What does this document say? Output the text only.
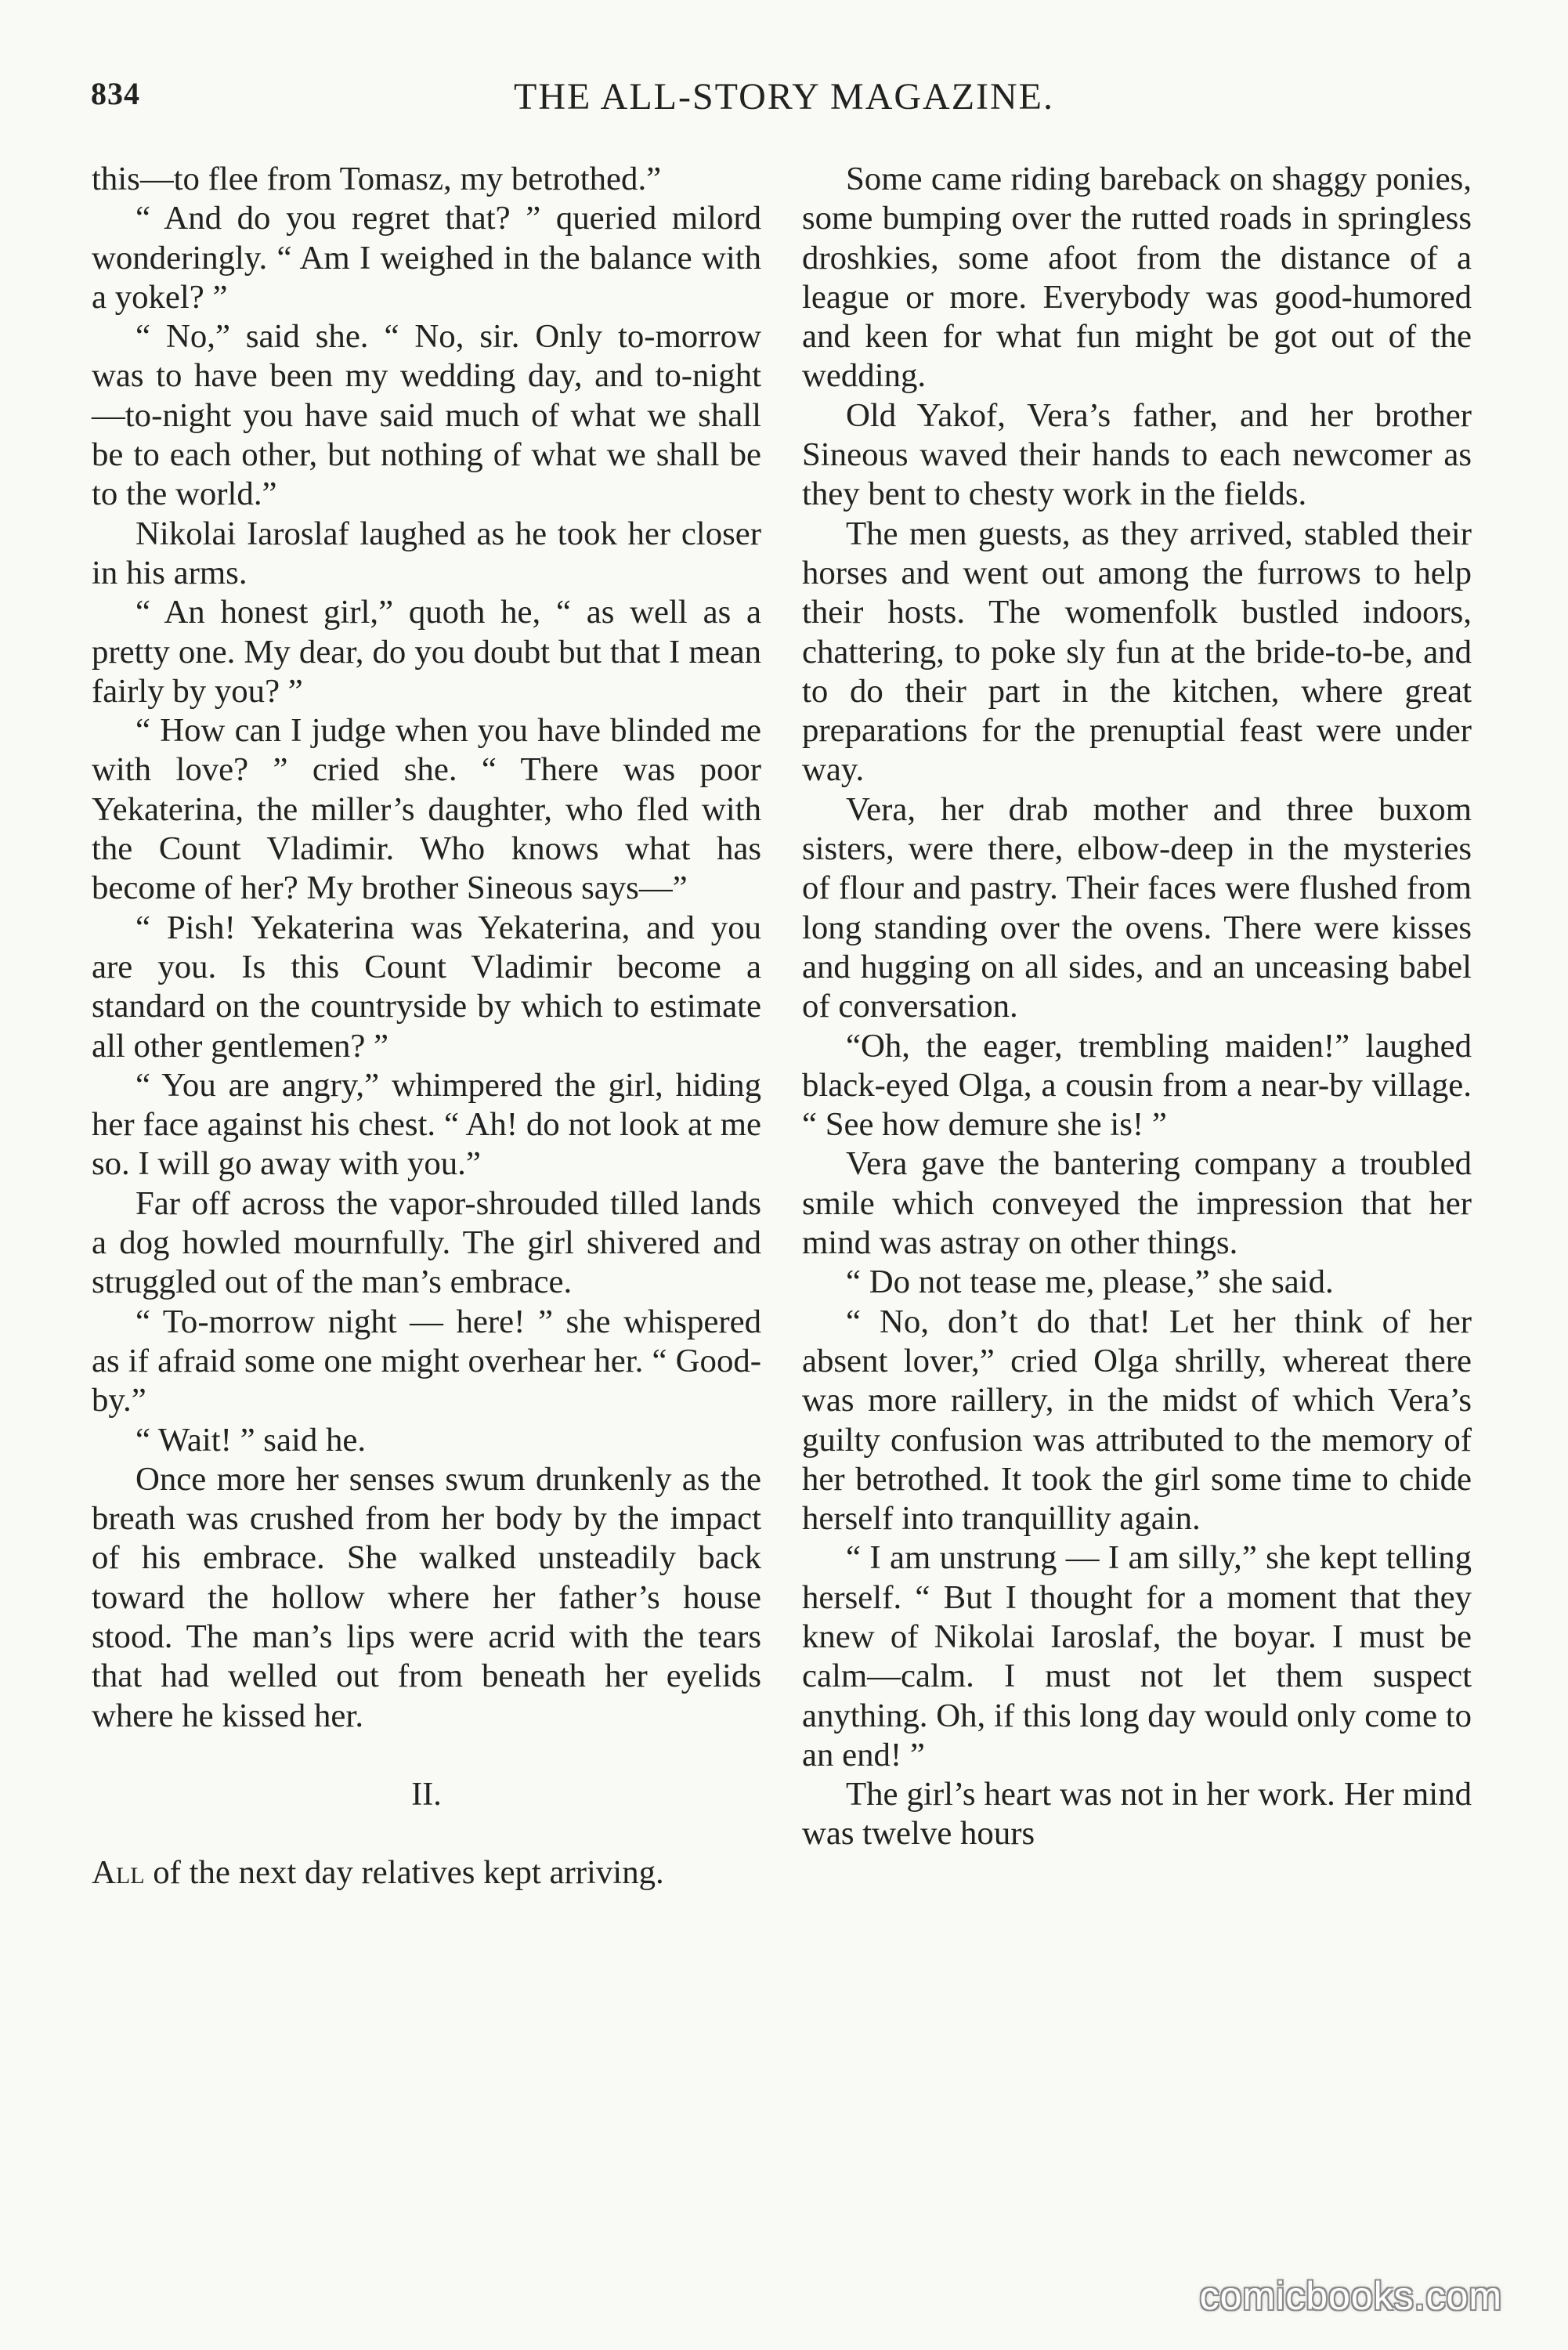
834	THE ALL-STORY MAGAZINE.

this—to flee from Tomasz, my betrothed.”

“ And do you regret that? ” queried milord wonderingly. “ Am I weighed in the balance with a yokel? ”

“ No,” said she. “ No, sir. Only to-morrow was to have been my wedding day, and to-night—to-night you have said much of what we shall be to each other, but nothing of what we shall be to the world.”

Nikolai Iaroslaf laughed as he took her closer in his arms.

“ An honest girl,” quoth he, “ as well as a pretty one. My dear, do you doubt but that I mean fairly by you? ”

“ How can I judge when you have blinded me with love? ” cried she. “ There was poor Yekaterina, the miller’s daughter, who fled with the Count Vladimir. Who knows what has become of her? My brother Sineous says—”

“ Pish! Yekaterina was Yekaterina, and you are you. Is this Count Vladimir become a standard on the countryside by which to estimate all other gentlemen? ”

“ You are angry,” whimpered the girl, hiding her face against his chest. “ Ah! do not look at me so. I will go away with you.”

Far off across the vapor-shrouded tilled lands a dog howled mournfully. The girl shivered and struggled out of the man’s embrace.

“ To-morrow night — here! ” she whispered as if afraid some one might overhear her. “ Good-by.”

“ Wait! ” said he.

Once more her senses swum drunkenly as the breath was crushed from her body by the impact of his embrace. She walked unsteadily back toward the hollow where her father’s house stood. The man’s lips were acrid with the tears that had welled out from beneath her eyelids where he kissed her.

II.

All of the next day relatives kept arriving.

Some came riding bareback on shaggy ponies, some bumping over the rutted roads in springless droshkies, some afoot from the distance of a league or more. Everybody was good-humored and keen for what fun might be got out of the wedding.

Old Yakof, Vera’s father, and her brother Sineous waved their hands to each newcomer as they bent to chesty work in the fields.

The men guests, as they arrived, stabled their horses and went out among the furrows to help their hosts. The womenfolk bustled indoors, chattering, to poke sly fun at the bride-to-be, and to do their part in the kitchen, where great preparations for the prenuptial feast were under way.

Vera, her drab mother and three buxom sisters, were there, elbow-deep in the mysteries of flour and pastry. Their faces were flushed from long standing over the ovens. There were kisses and hugging on all sides, and an unceasing babel of conversation.

“Oh, the eager, trembling maiden!” laughed black-eyed Olga, a cousin from a near-by village. “ See how demure she is! ”

Vera gave the bantering company a troubled smile which conveyed the impression that her mind was astray on other things.

“ Do not tease me, please,” she said.

“ No, don’t do that! Let her think of her absent lover,” cried Olga shrilly, whereat there was more raillery, in the midst of which Vera’s guilty confusion was attributed to the memory of her betrothed. It took the girl some time to chide herself into tranquillity again.

“ I am unstrung — I am silly,” she kept telling herself. “ But I thought for a moment that they knew of Nikolai Iaroslaf, the boyar. I must be calm—calm. I must not let them suspect anything. Oh, if this long day would only come to an end! ”

The girl’s heart was not in her work. Her mind was twelve hours

comicbooks.com
